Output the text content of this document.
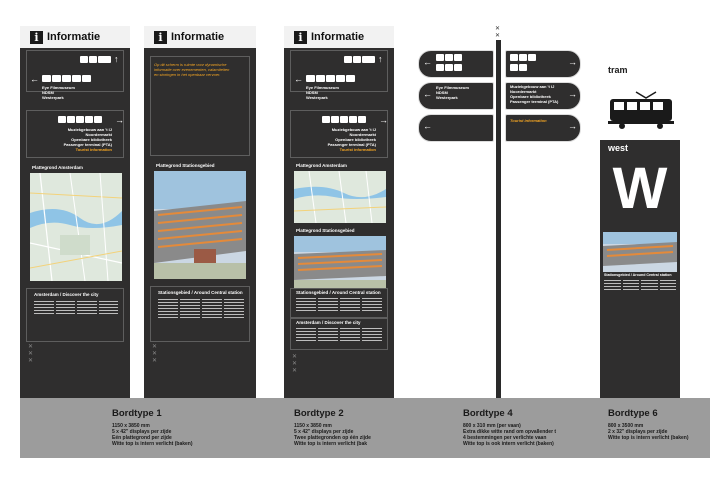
i Informatie
↑
←
Eye Filmmuseum
NDSM
Westerpark
→
Muziekgebouw aan 't IJ
Noordermarkt
Openbare bibliotheek
Passenger terminal (PTA)
Tourist information
Plattegrond Amsterdam
Amsterdam / Discover the city
✕
✕
✕
i Informatie
Op dit scherm is ruimte voor dynamische informatie over evenementen, calamiteiten en storingen in het openbaar vervoer.
Plattegrond Stationsgebied
Stationsgebied / Around Central station
✕
✕
✕
i Informatie
↑
←
Eye Filmmuseum
NDSM
Westerpark
→
Muziekgebouw aan 't IJ
Noordermarkt
Openbare bibliotheek
Passenger terminal (PTA)
Tourist information
Plattegrond Amsterdam
Plattegrond Stationsgebied
Stationsgebied / Around Central station
Amsterdam / Discover the city
✕
✕
✕
✕
✕
←
←
Eye Filmmuseum
NDSM
Westerpark
←
→
Muziekgebouw aan 't IJ
Noordermarkt
Openbare bibliotheek
Passenger terminal (PTA)
→
Tourist information
→
tram
west
W
Stationsgebied / Around Central station
Bordtype 1
1150 x 3850 mm
5 x 42" displays per zijde
Eén plattegrond per zijde
Witte top is intern verlicht (baken)
Bordtype 2
1150 x 3850 mm
5 x 42" displays per zijde
Twee plattegronden op één zijde
Witte top is intern verlicht (bak
Bordtype 4
800 x 310 mm (per vaan)
Extra dikke witte rand om opvallender t
4 bestemmingen per verlichte vaan
Witte top is ook intern verlicht (baken)
Bordtype 6
800 x 3500 mm
2 x 32" displays per zijde
Witte top is intern verlicht (baken)
